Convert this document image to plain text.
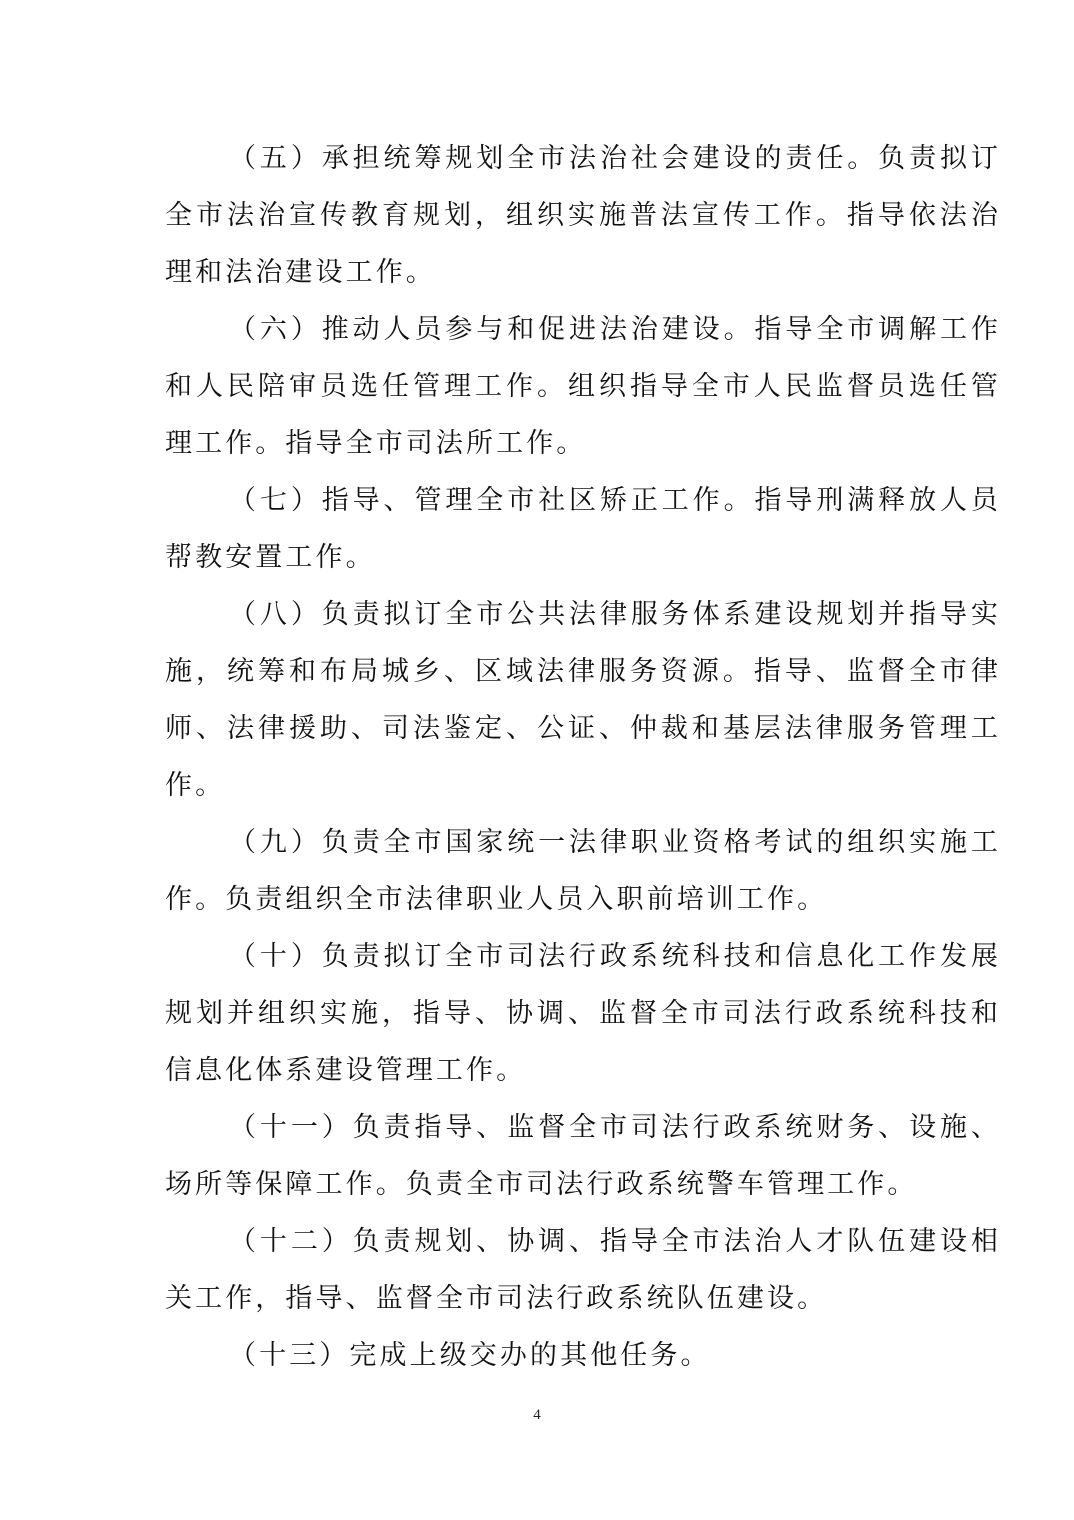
（五）承担统筹规划全市法治社会建设的责任。负责拟订全市法治宣传教育规划，组织实施普法宣传工作。指导依法治理和法治建设工作。

（六）推动人员参与和促进法治建设。指导全市调解工作和人民陪审员选任管理工作。组织指导全市人民监督员选任管理工作。指导全市司法所工作。

（七）指导、管理全市社区矫正工作。指导刑满释放人员帮教安置工作。

（八）负责拟订全市公共法律服务体系建设规划并指导实施，统筹和布局城乡、区域法律服务资源。指导、监督全市律师、法律援助、司法鉴定、公证、仲裁和基层法律服务管理工作。

（九）负责全市国家统一法律职业资格考试的组织实施工作。负责组织全市法律职业人员入职前培训工作。

（十）负责拟订全市司法行政系统科技和信息化工作发展规划并组织实施，指导、协调、监督全市司法行政系统科技和信息化体系建设管理工作。

（十一）负责指导、监督全市司法行政系统财务、设施、场所等保障工作。负责全市司法行政系统警车管理工作。

（十二）负责规划、协调、指导全市法治人才队伍建设相关工作，指导、监督全市司法行政系统队伍建设。

（十三）完成上级交办的其他任务。

4
